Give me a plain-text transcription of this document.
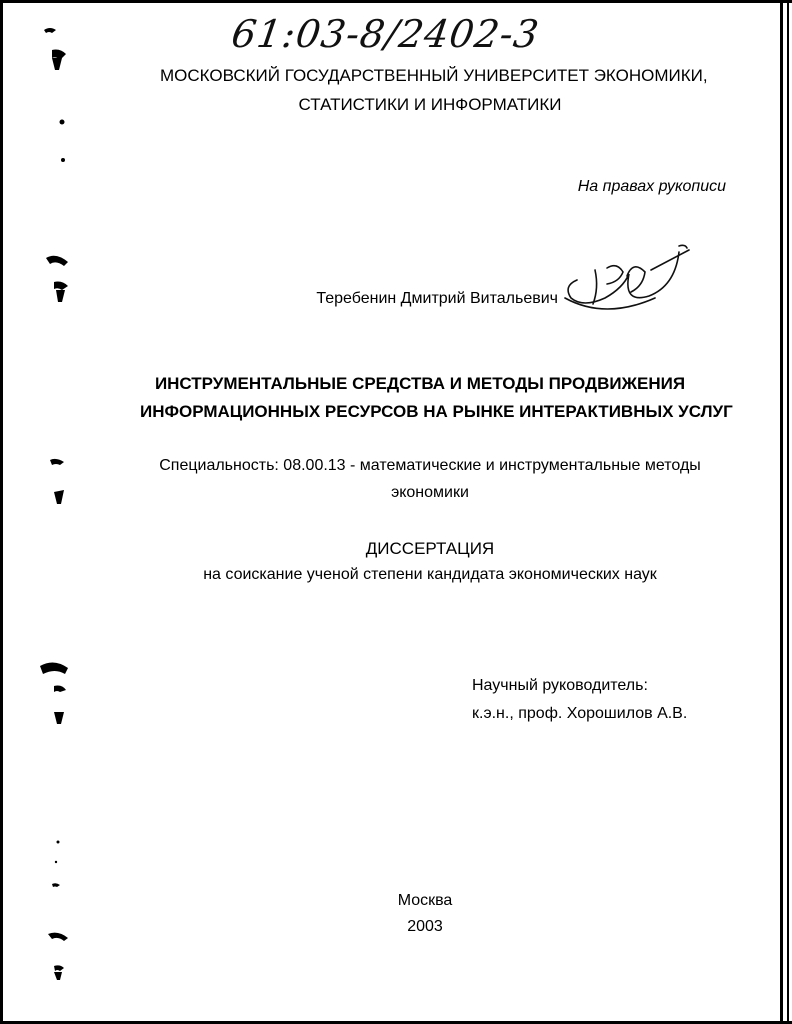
61:03-8/2402-3
МОСКОВСКИЙ ГОСУДАРСТВЕННЫЙ УНИВЕРСИТЕТ ЭКОНОМИКИ,
СТАТИСТИКИ И ИНФОРМАТИКИ
На правах рукописи
Теребенин Дмитрий Витальевич
ИНСТРУМЕНТАЛЬНЫЕ СРЕДСТВА И МЕТОДЫ ПРОДВИЖЕНИЯ
ИНФОРМАЦИОННЫХ РЕСУРСОВ НА РЫНКЕ ИНТЕРАКТИВНЫХ УСЛУГ
Специальность: 08.00.13 - математические и инструментальные методы
экономики
ДИССЕРТАЦИЯ
на соискание ученой степени кандидата экономических наук
Научный руководитель:
к.э.н., проф. Хорошилов А.В.
Москва
2003
